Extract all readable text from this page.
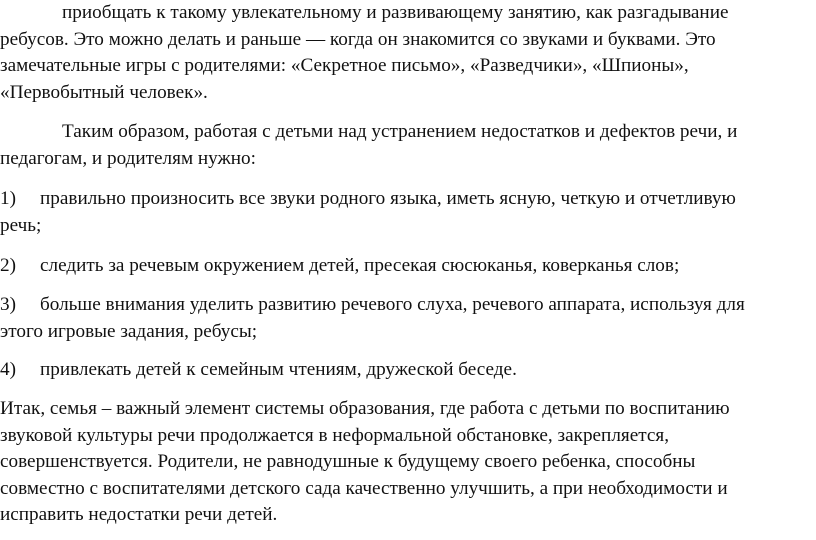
приобщать к такому увлекательному и развивающему занятию, как разгадывание
ребусов. Это можно делать и раньше — когда он знакомится со звуками и буквами. Это
замечательные игры с родителями: «Секретное письмо», «Разведчики», «Шпионы»,
«Первобытный человек».

Таким образом, работая с детьми над устранением недостатков и дефектов речи, и
педагогам, и родителям нужно:

1) правильно произносить все звуки родного языка, иметь ясную, четкую и отчетливую
речь;
2) следить за речевым окружением детей, пресекая сюсюканья, коверканья слов;
3) больше внимания уделить развитию речевого слуха, речевого аппарата, используя для
этого игровые задания, ребусы;
4) привлекать детей к семейным чтениям, дружеской беседе.

Итак, семья – важный элемент системы образования, где работа с детьми по воспитанию
звуковой культуры речи продолжается в неформальной обстановке, закрепляется,
совершенствуется. Родители, не равнодушные к будущему своего ребенка, способны
совместно с воспитателями детского сада качественно улучшить, а при необходимости и
исправить недостатки речи детей.
